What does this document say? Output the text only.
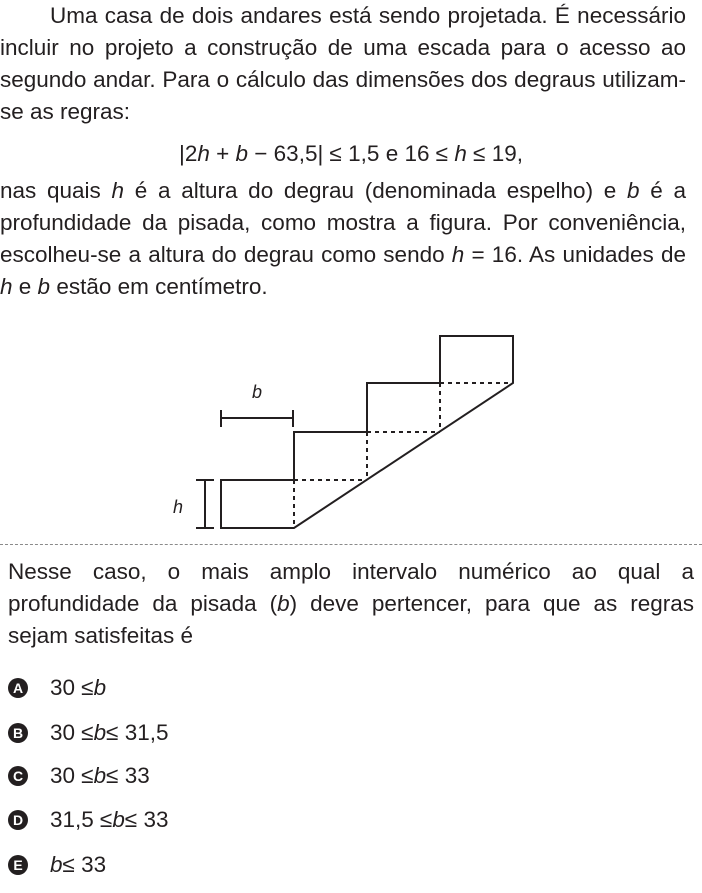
Uma casa de dois andares está sendo projetada. É necessário incluir no projeto a construção de uma escada para o acesso ao segundo andar. Para o cálculo das dimensões dos degraus utilizam-se as regras:
|2h + b − 63,5| ≤ 1,5 e 16 ≤ h ≤ 19,
nas quais h é a altura do degrau (denominada espelho) e b é a profundidade da pisada, como mostra a figura. Por conveniência, escolheu-se a altura do degrau como sendo h = 16. As unidades de h e b estão em centímetro.
b
h
Nesse caso, o mais amplo intervalo numérico ao qual a profundidade da pisada (b) deve pertencer, para que as regras sejam satisfeitas é
A 30 ≤ b
B 30 ≤ b ≤ 31,5
C 30 ≤ b ≤ 33
D 31,5 ≤ b ≤ 33
E b ≤ 33
